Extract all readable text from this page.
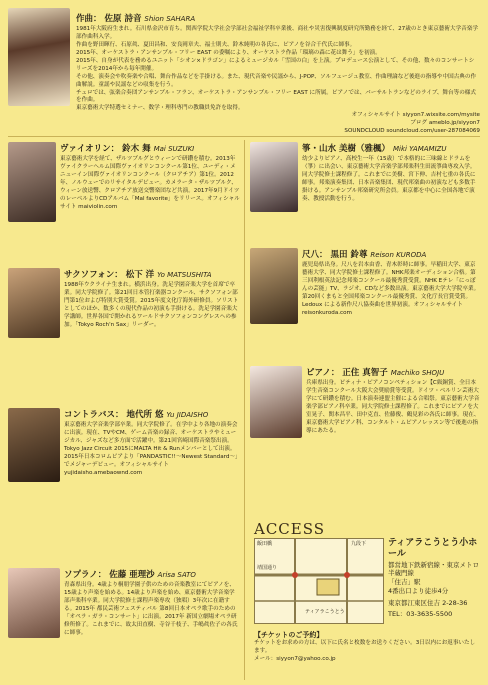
作曲： 佐原 詩音 Shion SAHARA

1981年大阪府生まれ。石川県金沢市育ち。関西学院大学社会学部社会福祉学科卒業後、商社や災害復興制度研究所勤務を経て、27歳のとき東京藝術大学音楽学部作曲科入学。

作曲を野田暉行、石原眞、夏田昌和、安良岡章夫、福士則夫、鈴木純明の各氏に、ピアノを谷合千代氏に師事。

2015年、オーケストラ・アンサンブル・フリー EAST の委嘱により、オーケストラ作品「瑠璃の森に花は舞う」を初演。

2015年、自身が代表を務めるユニット「シオン×ドラゴン」によるミュージカル「雪国の白」を上演。プロデュース公演として、その他、数々のコンサートシリーズを2014年から毎年開催。

その他、演奏会や吹奏楽や合唱、舞台作品などを手掛ける。また、現代音楽や民謡から、J-POP、ソルフェージュ教室、作曲理論など後進の指導や中国古典の作曲解説。童謡や民謡などの収集を行う。

チェロでは、弦楽合奏団アンサンブル・フラン、オーケストラ・アンサンブル・フリー EAST に所属。ピアノでは、バーサルトランなどのライブ、舞台等の様式を作曲。

東京藝術大学特選セミナー、数学・理科専門の教職員免許を取得。

オフィシャルサイト siyyon7.wixsite.com/mysite
ブログ ameblo.jp/siyyon7
SOUNDCLOUD soundcloud.com/user-287084069
ヴァイオリン： 鈴木 舞 Mai SUZUKI
東京藝術大学を経て、ザルツブルグとウィーンで研鑽を積む。2013年ヴァイクラーヘルム国際ヴァイオリンコンクール第1位、ユーディ・メニューイン国際ヴァイオリンコンクール（クロアチア）第1位。2012年、ノルウェーでのリサイタルデビュー。カメラータ・ザルツブルク、ウィーン放送響、クロアチア放送交響楽団など共演。2017年9月ドイツのレーベルよりCDアルバム「Mal favorite」をリリース。オフィシャルサイト maiviolin.com
サクソフォン： 松下 洋 Yo MATSUSHITA
1988年ウクライナ生まれ。横浜出身。洗足学園音楽大学を首席で卒業。同大学院修了。第21回日本管打楽器コンクール、サクソフォン部門第1位および特別大賞受賞。2015年度文化庁海外研修員。ソリストとしてのほか、数多くの現代作品の初演も手掛ける。洗足学園音楽大学講師。世界各国で開かれるワールドサクソフォンコングレスへの参加。「Tokyo Roch'n Sax」リーダー。
コントラバス： 地代所 悠 Yu JIDAISHO
東京藝術大学音楽学部卒業。同大学院修了。在学中より各地の演奏会に出演。現在、TVやCM、ゲーム音楽の録音、オーケストラやミュージカル、ジャズなど多方面で活躍中。第21回宮崎国際音楽祭出演。Tokyo Jazz Circuit 2015にMALTA Hit & Runメンバーとして出演。2015年日本コロムビアより「PANDASTIC!!〜Newest Standard〜」でメジャーデビュー。オフィシャルサイト yujidaisho.amebaownd.com
ソプラノ： 佐藤 亜理沙 Arisa SATO
青森県出身。4歳より桐朋学園子供のための音楽教室にてピアノを、15歳より声楽を始める。14歳より声楽を始め、東京藝術大学音楽学部声楽科卒業。同大学院修士課程声楽専攻（独唱）3年次に在籍する。2015年 都民芸術フェスティバル 第8回日本オペラ歌手のための「オペラ・ガラ・コンサート」に出演。2017年 新国立劇場オペラ研修所修了。これまでに、故太田直樹、寺谷千枝子、手嶋眞佐子の各氏に師事。
箏・山水 美樹（雅楓） Miki YAMAMIZU
幼少よりピアノ、高校生一年（15歳）で本格的に三味線とドラムを（箏）に出会い、東京藝術大学音楽学部邦楽科生田流箏曲専攻入学。同大学院修士課程修了。これまでに美樹、宮下伸、吉村七重の各氏に師事。邦楽演奏集団、日本音楽集団、現代邦楽曲の初演なども多数手掛ける。アンサンブル邦楽研究所会員。東京都を中心に全国各地で演奏、教授活動を行う。
尺八： 黒田 鈴尊 Reison KURODA
鹿児島県出身。尺八を岩本由香、青木彰時に師事。早稲田大学、東京藝術大学、同大学院修士課程修了。NHK邦楽オーディション合格。第三回利根英法記念邦楽コンクール最優秀賞受賞。NHK Eテレ「にっぽんの芸能」TV、ラジオ、CDなど多数出演。東京藝術大学大学院卒業。第20回くまもと全国邦楽コンクール最優秀賞、文化庁長官賞受賞。Ledoux による新作尺八協奏曲を世界初演。オフィシャルサイト reisonkuroda.com
ピアノ： 正住 真智子 Machiko SHOJU
兵庫県出身。ピティナ・ピアノコンペティション【C級銅賞、全日本学生音楽コンクール大阪大会奨励賞等受賞。ドイツ・ベルリン芸術大学にて研鑽を積む。日本演奏連盟主催による合唱祭。東京藝術大学音楽学部ピアノ科卒業。同大学院修士課程修了。これまでにピアノを大室晃子、関本昌平、田中克直、佐藤俊、鶴見彩の各氏に師事。現在、東京藝術大学ピアノ科、コンタルト・ムピアノレッスン等で後進の指導にあたる。
ACCESS
飯田橋	九段下
靖国通り
ティアラこうとう
ティアラこうとう小ホール
都営地下鉄新宿線・東京メトロ半蔵門線
「住吉」駅
4番出口より徒歩4分
東京都江東区住吉 2-28-36
TEL：03-3635-5500
【チケットのご予約】
チケットをお求めの方は、以下に氏名と枚数をお送りください。3日以内にお返事いたします。
メール：siyyon7@yahoo.co.jp
